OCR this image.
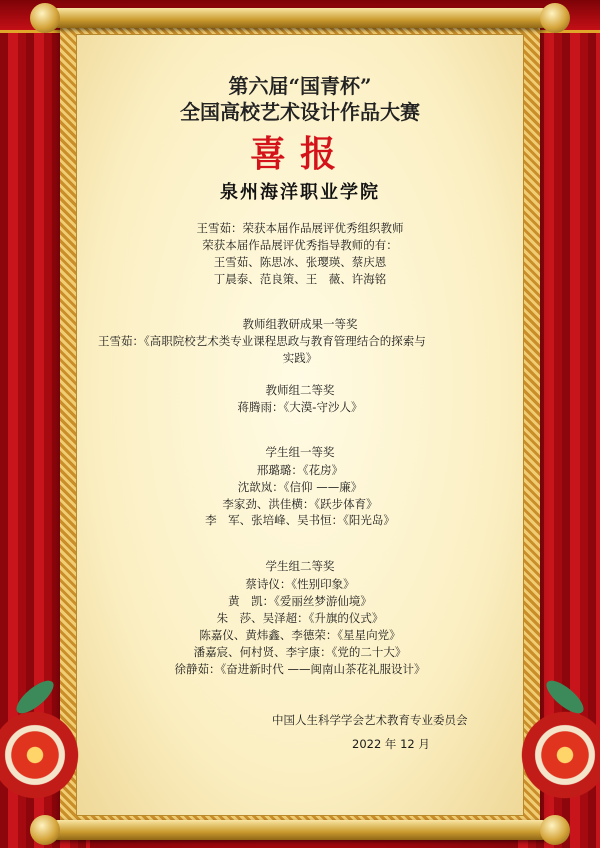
第六届“国青杯”
全国高校艺术设计作品大赛
喜报
泉州海洋职业学院
王雪茹：荣获本届作品展评优秀组织教师
荣获本届作品展评优秀指导教师的有：
王雪茹、陈思冰、张璎瑛、蔡庆恩
丁晨泰、范良策、王　薇、许海铭
教师组教研成果一等奖
王雪茹：《高职院校艺术类专业课程思政与教育管理结合的探索与
实践》
教师组二等奖
蒋腾雨：《大漠-守沙人》
学生组一等奖
邢璐璐：《花房》
沈歆岚：《信仰 ——廉》
李家劲、洪佳横：《跃步体育》
李　军、张培峰、吴书恒：《阳光岛》
学生组二等奖
蔡诗仪：《性别印象》
黄　凯：《爱丽丝梦游仙境》
朱　莎、吴泽超：《升旗的仪式》
陈嘉仪、黄炜鑫、李德荣：《星星向党》
潘嘉宸、何村贤、李宇康：《党的二十大》
徐静茹：《奋进新时代 ——闽南山茶花礼服设计》
中国人生科学学会艺术教育专业委员会
2022 年 12 月
